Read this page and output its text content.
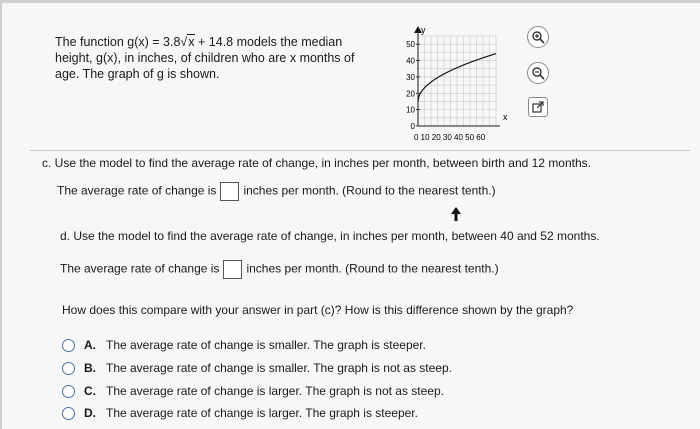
The function g(x) = 3.8√x + 14.8 models the median

height, g(x), in inches, of children who are x months of

age. The graph of g is shown.

y
x
50
40
30
20
10
0
0 10 20 30 40 50 60
c. Use the model to find the average rate of change, in inches per month, between birth and 12 months.
The average rate of change is inches per month. (Round to the nearest tenth.)
d. Use the model to find the average rate of change, in inches per month, between 40 and 52 months.
The average rate of change is inches per month. (Round to the nearest tenth.)
How does this compare with your answer in part (c)? How is this difference shown by the graph?
A. The average rate of change is smaller. The graph is steeper.
B. The average rate of change is smaller. The graph is not as steep.
C. The average rate of change is larger. The graph is not as steep.
D. The average rate of change is larger. The graph is steeper.
